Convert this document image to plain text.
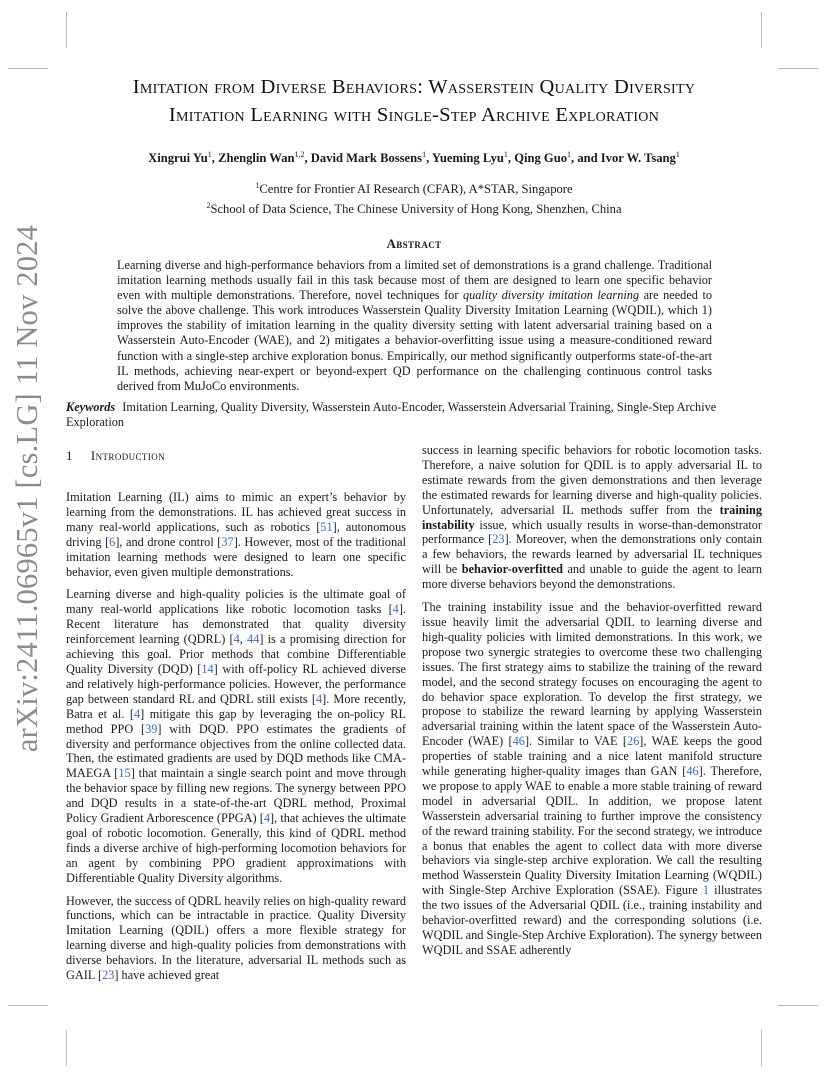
arXiv:2411.06965v1 [cs.LG] 11 Nov 2024
Imitation from Diverse Behaviors: Wasserstein Quality Diversity
Imitation Learning with Single-Step Archive Exploration
Xingrui Yu$^1$, Zhenglin Wan$^{1,2}$, David Mark Bossens$^1$, Yueming Lyu$^1$, Qing Guo$^1$, and Ivor W. Tsang$^1$
$^1$Centre for Frontier AI Research (CFAR), A*STAR, Singapore
$^2$School of Data Science, The Chinese University of Hong Kong, Shenzhen, China
Abstract

Learning diverse and high-performance behaviors from a limited set of demonstrations is a grand challenge. Traditional imitation learning methods usually fail in this task because most of them are designed to learn one specific behavior even with multiple demonstrations. Therefore, novel techniques for quality diversity imitation learning are needed to solve the above challenge. This work introduces Wasserstein Quality Diversity Imitation Learning (WQDIL), which 1) improves the stability of imitation learning in the quality diversity setting with latent adversarial training based on a Wasserstein Auto-Encoder (WAE), and 2) mitigates a behavior-overfitting issue using a measure-conditioned reward function with a single-step archive exploration bonus. Empirically, our method significantly outperforms state-of-the-art IL methods, achieving near-expert or beyond-expert QD performance on the challenging continuous control tasks derived from MuJoCo environments.

Keywords Imitation Learning, Quality Diversity, Wasserstein Auto-Encoder, Wasserstein Adversarial Training, Single-Step Archive Exploration

1 Introduction

Imitation Learning (IL) aims to mimic an expert’s behavior by learning from the demonstrations. IL has achieved great success in many real-world applications, such as robotics [51], autonomous driving [6], and drone control [37]. However, most of the traditional imitation learning methods were designed to learn one specific behavior, even given multiple demonstrations.

Learning diverse and high-quality policies is the ultimate goal of many real-world applications like robotic locomotion tasks [4]. Recent literature has demonstrated that quality diversity reinforcement learning (QDRL) [4, 44] is a promising direction for achieving this goal. Prior methods that combine Differentiable Quality Diversity (DQD) [14] with off-policy RL achieved diverse and relatively high-performance policies. However, the performance gap between standard RL and QDRL still exists [4]. More recently, Batra et al. [4] mitigate this gap by leveraging the on-policy RL method PPO [39] with DQD. PPO estimates the gradients of diversity and performance objectives from the online collected data. Then, the estimated gradients are used by DQD methods like CMA-MAEGA [15] that maintain a single search point and move through the behavior space by filling new regions. The synergy between PPO and DQD results in a state-of-the-art QDRL method, Proximal Policy Gradient Arborescence (PPGA) [4], that achieves the ultimate goal of robotic locomotion. Generally, this kind of QDRL method finds a diverse archive of high-performing locomotion behaviors for an agent by combining PPO gradient approximations with Differentiable Quality Diversity algorithms.

However, the success of QDRL heavily relies on high-quality reward functions, which can be intractable in practice. Quality Diversity Imitation Learning (QDIL) offers a more flexible strategy for learning diverse and high-quality policies from demonstrations with diverse behaviors. In the literature, adversarial IL methods such as GAIL [23] have achieved great

success in learning specific behaviors for robotic locomotion tasks. Therefore, a naive solution for QDIL is to apply adversarial IL to estimate rewards from the given demonstrations and then leverage the estimated rewards for learning diverse and high-quality policies. Unfortunately, adversarial IL methods suffer from the training instability issue, which usually results in worse-than-demonstrator performance [23]. Moreover, when the demonstrations only contain a few behaviors, the rewards learned by adversarial IL techniques will be behavior-overfitted and unable to guide the agent to learn more diverse behaviors beyond the demonstrations.

The training instability issue and the behavior-overfitted reward issue heavily limit the adversarial QDIL to learning diverse and high-quality policies with limited demonstrations. In this work, we propose two synergic strategies to overcome these two challenging issues. The first strategy aims to stabilize the training of the reward model, and the second strategy focuses on encouraging the agent to do behavior space exploration. To develop the first strategy, we propose to stabilize the reward learning by applying Wasserstein adversarial training within the latent space of the Wasserstein Auto-Encoder (WAE) [46]. Similar to VAE [26], WAE keeps the good properties of stable training and a nice latent manifold structure while generating higher-quality images than GAN [46]. Therefore, we propose to apply WAE to enable a more stable training of reward model in adversarial QDIL. In addition, we propose latent Wasserstein adversarial training to further improve the consistency of the reward training stability. For the second strategy, we introduce a bonus that enables the agent to collect data with more diverse behaviors via single-step archive exploration. We call the resulting method Wasserstein Quality Diversity Imitation Learning (WQDIL) with Single-Step Archive Exploration (SSAE). Figure 1 illustrates the two issues of the Adversarial QDIL (i.e., training instability and behavior-overfitted reward) and the corresponding solutions (i.e. WQDIL and Single-Step Archive Exploration). The synergy between WQDIL and SSAE adherently
